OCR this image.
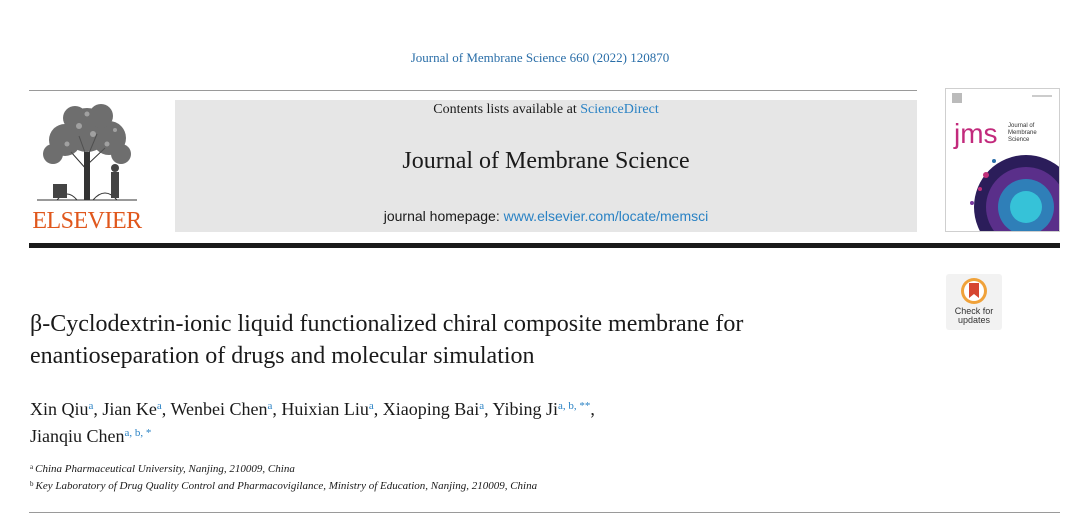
Journal of Membrane Science 660 (2022) 120870
ELSEVIER
Contents lists available at ScienceDirect
Journal of Membrane Science
journal homepage: www.elsevier.com/locate/memsci
jms Journal of
Membrane
Science
Check for
updates
β-Cyclodextrin-ionic liquid functionalized chiral composite membrane for
enantioseparation of drugs and molecular simulation
Xin Qiu$^a$, Jian Ke$^a$, Wenbei Chen$^a$, Huixian Liu$^a$, Xiaoping Bai$^a$, Yibing $Ji^{a, b, **}$,
Jianqiu Chen$^{a, b, *}$
$^a$ China Pharmaceutical University, Nanjing, 210009, China
$^b$ Key Laboratory of Drug Quality Control and Pharmacovigilance, Ministry of Education, Nanjing, 210009, China
